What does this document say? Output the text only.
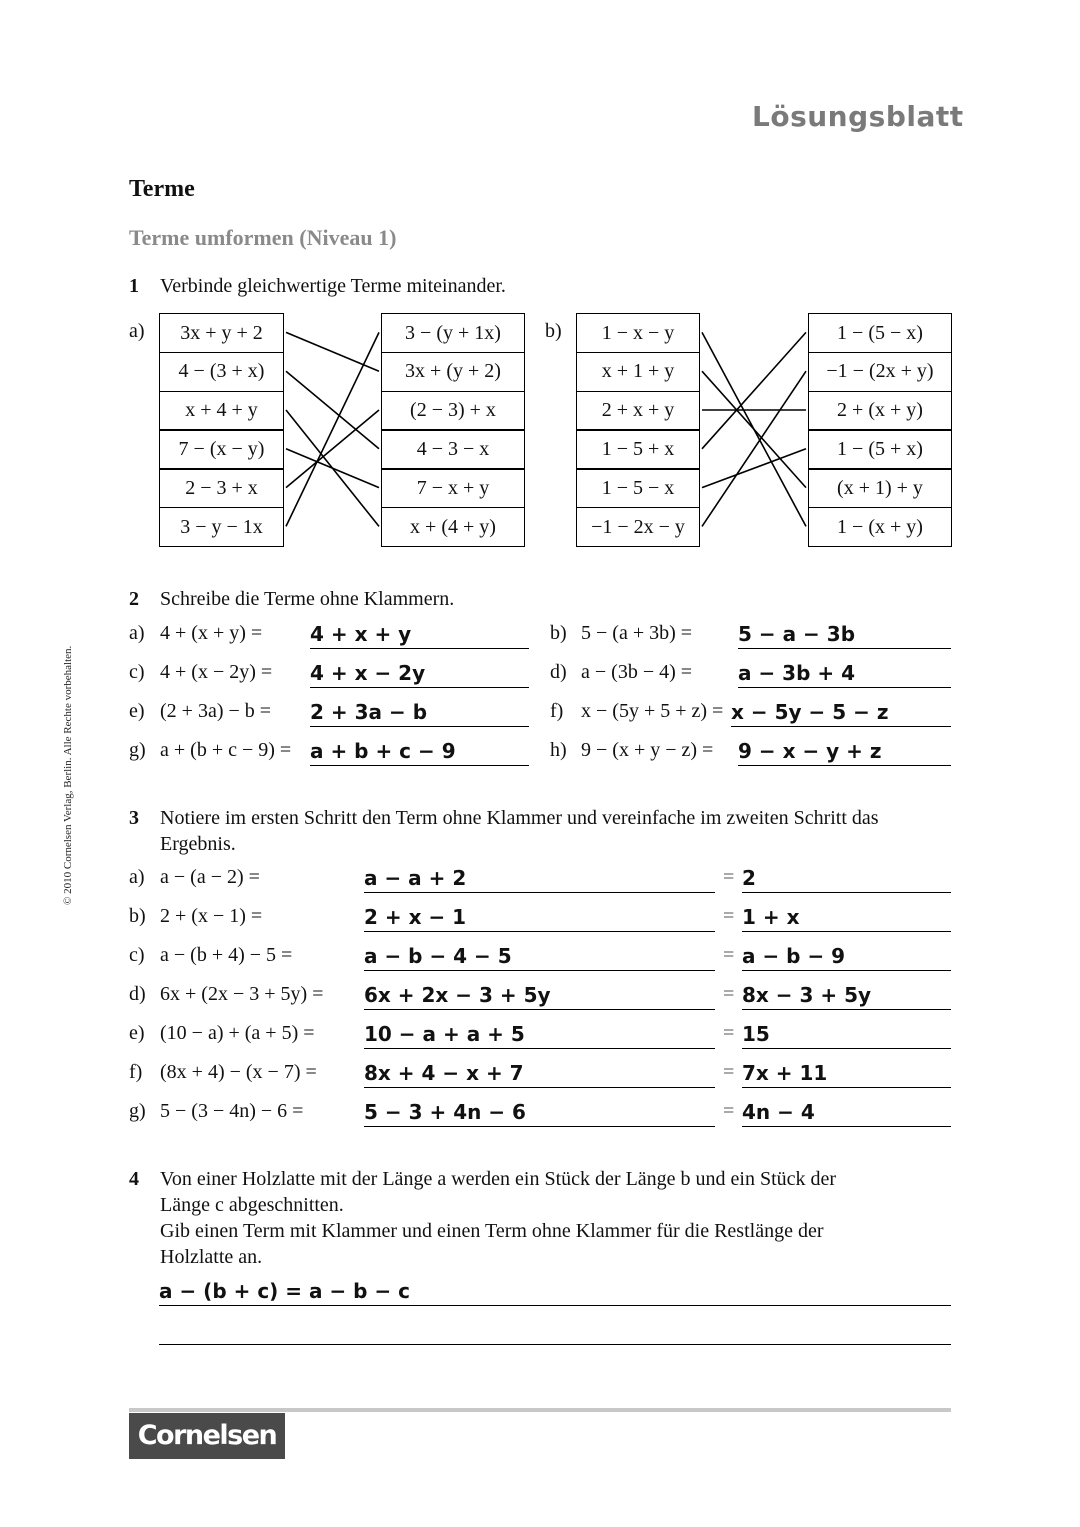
Lösungsblatt
© 2010 Cornelsen Verlag, Berlin. Alle Rechte vorbehalten.
Terme
Terme umformen (Niveau 1)
1 Verbinde gleichwertige Terme miteinander.
a)	b)
3x + y + 2
4 − (3 + x)
x + 4 + y
7 − (x − y)
2 − 3 + x
3 − y − 1x
3 − (y + 1x)
3x + (y + 2)
(2 − 3) + x
4 − 3 − x
7 − x + y
x + (4 + y)
1 − x − y
x + 1 + y
2 + x + y
1 − 5 + x
1 − 5 − x
−1 − 2x − y
1 − (5 − x)
−1 − (2x + y)
2 + (x + y)
1 − (5 + x)
(x + 1) + y
1 − (x + y)
2 Schreibe die Terme ohne Klammern.
a) 4 + (x + y) = 4 + x + y	b) 5 − (a + 3b) = 5 − a − 3b
c) 4 + (x − 2y) = 4 + x − 2y	d) a − (3b − 4) = a − 3b + 4
e) (2 + 3a) − b = 2 + 3a − b	f) x − (5y + 5 + z) = x − 5y − 5 − z
g) a + (b + c − 9) = a + b + c − 9	h) 9 − (x + y − z) = 9 − x − y + z
3 Notiere im ersten Schritt den Term ohne Klammer und vereinfache im zweiten Schritt das
Ergebnis.
a) a − (a − 2) =	a − a + 2	= 2
b) 2 + (x − 1) =	2 + x − 1	= 1 + x
c) a − (b + 4) − 5 =	a − b − 4 − 5	= a − b − 9
d) 6x + (2x − 3 + 5y) = 6x + 2x − 3 + 5y	= 8x − 3 + 5y
e) (10 − a) + (a + 5) = 10 − a + a + 5	= 15
f) (8x + 4) − (x − 7) = 8x + 4 − x + 7	= 7x + 11
g) 5 − (3 − 4n) − 6 =	5 − 3 + 4n − 6	= 4n − 4
4 Von einer Holzlatte mit der Länge a werden ein Stück der Länge b und ein Stück der
Länge c abgeschnitten.
Gib einen Term mit Klammer und einen Term ohne Klammer für die Restlänge der
Holzlatte an.
a − (b + c) = a − b − c
Cornelsen
